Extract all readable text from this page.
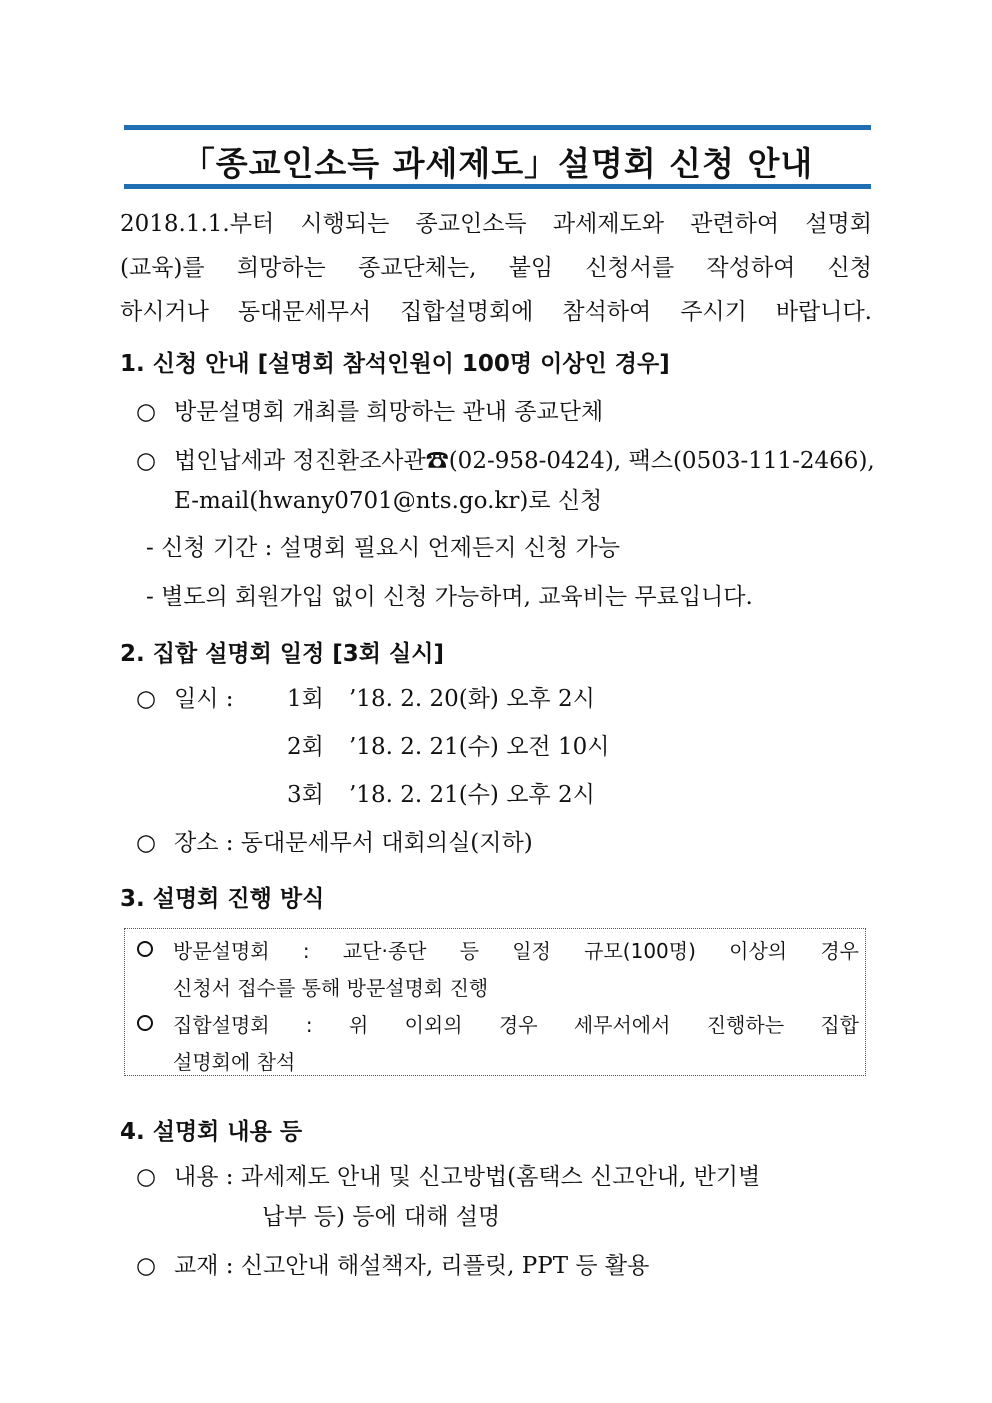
「종교인소득 과세제도」설명회 신청 안내
2018.1.1.부터 시행되는 종교인소득 과세제도와 관련하여 설명회
(교육)를 희망하는 종교단체는, 붙임 신청서를 작성하여 신청
하시거나 동대문세무서 집합설명회에 참석하여 주시기 바랍니다.
1. 신청 안내 [설명회 참석인원이 100명 이상인 경우]
○ 방문설명회 개최를 희망하는 관내 종교단체
○ 법인납세과 정진환조사관☎(02-958-0424), 팩스(0503-111-2466),
E-mail(hwany0701@nts.go.kr)로 신청
- 신청 기간 : 설명회 필요시 언제든지 신청 가능
- 별도의 회원가입 없이 신청 가능하며, 교육비는 무료입니다.
2. 집합 설명회 일정 [3회 실시]
○ 일시 : 1회 ’18. 2. 20(화) 오후 2시
2회 ’18. 2. 21(수) 오전 10시
3회 ’18. 2. 21(수) 오후 2시
○ 장소 : 동대문세무서 대회의실(지하)
3. 설명회 진행 방식
방문설명회 : 교단·종단 등 일정 규모(100명) 이상의 경우
신청서 접수를 통해 방문설명회 진행
집합설명회 : 위 이외의 경우 세무서에서 진행하는 집합
설명회에 참석
4. 설명회 내용 등
○ 내용 : 과세제도 안내 및 신고방법(홈택스 신고안내, 반기별
납부 등) 등에 대해 설명
○ 교재 : 신고안내 해설책자, 리플릿, PPT 등 활용
